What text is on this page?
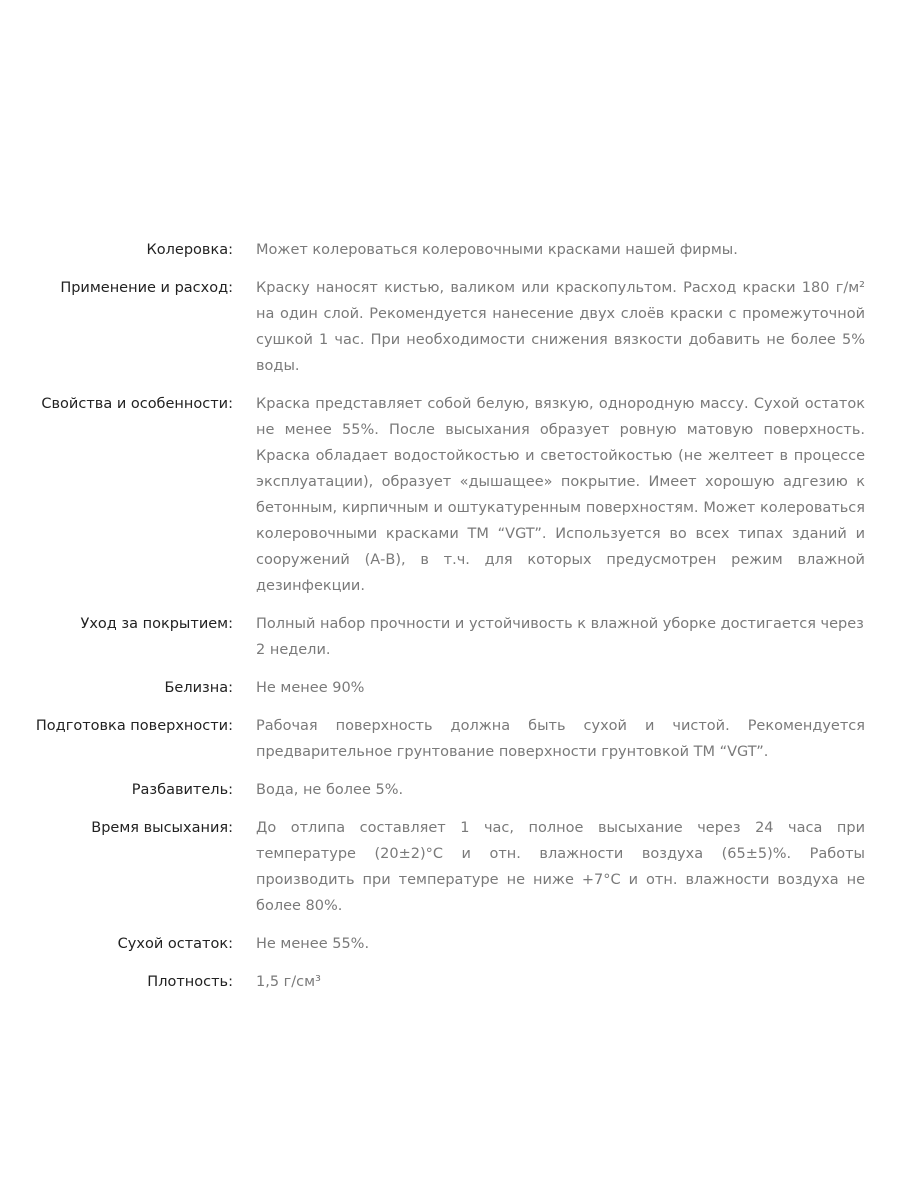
Колеровка: Может колероваться колеровочными красками нашей фирмы.
Применение и расход: Краску наносят кистью, валиком или краскопультом. Расход краски 180 г/м² на один слой. Рекомендуется нанесение двух слоёв краски с промежуточной сушкой 1 час. При необходимости снижения вязкости добавить не более 5% воды.
Свойства и особенности: Краска представляет собой белую, вязкую, однородную массу. Сухой остаток не менее 55%. После высыхания образует ровную матовую поверхность. Краска обладает водостойкостью и светостойкостью (не желтеет в процессе эксплуатации), образует «дышащее» покрытие. Имеет хорошую адгезию к бетонным, кирпичным и оштукатуренным поверхностям. Может колероваться колеровочными красками ТМ “VGT”. Используется во всех типах зданий и сооружений (А-В), в т.ч. для которых предусмотрен режим влажной дезинфекции.
Уход за покрытием: Полный набор прочности и устойчивость к влажной уборке достигается через 2 недели.
Белизна: Не менее 90%
Подготовка поверхности: Рабочая поверхность должна быть сухой и чистой. Рекомендуется предварительное грунтование поверхности грунтовкой ТМ “VGT”.
Разбавитель: Вода, не более 5%.
Время высыхания: До отлипа составляет 1 час, полное высыхание через 24 часа при температуре (20±2)°С и отн. влажности воздуха (65±5)%. Работы производить при температуре не ниже +7°С и отн. влажности воздуха не более 80%.
Сухой остаток: Не менее 55%.
Плотность: 1,5 г/см³
